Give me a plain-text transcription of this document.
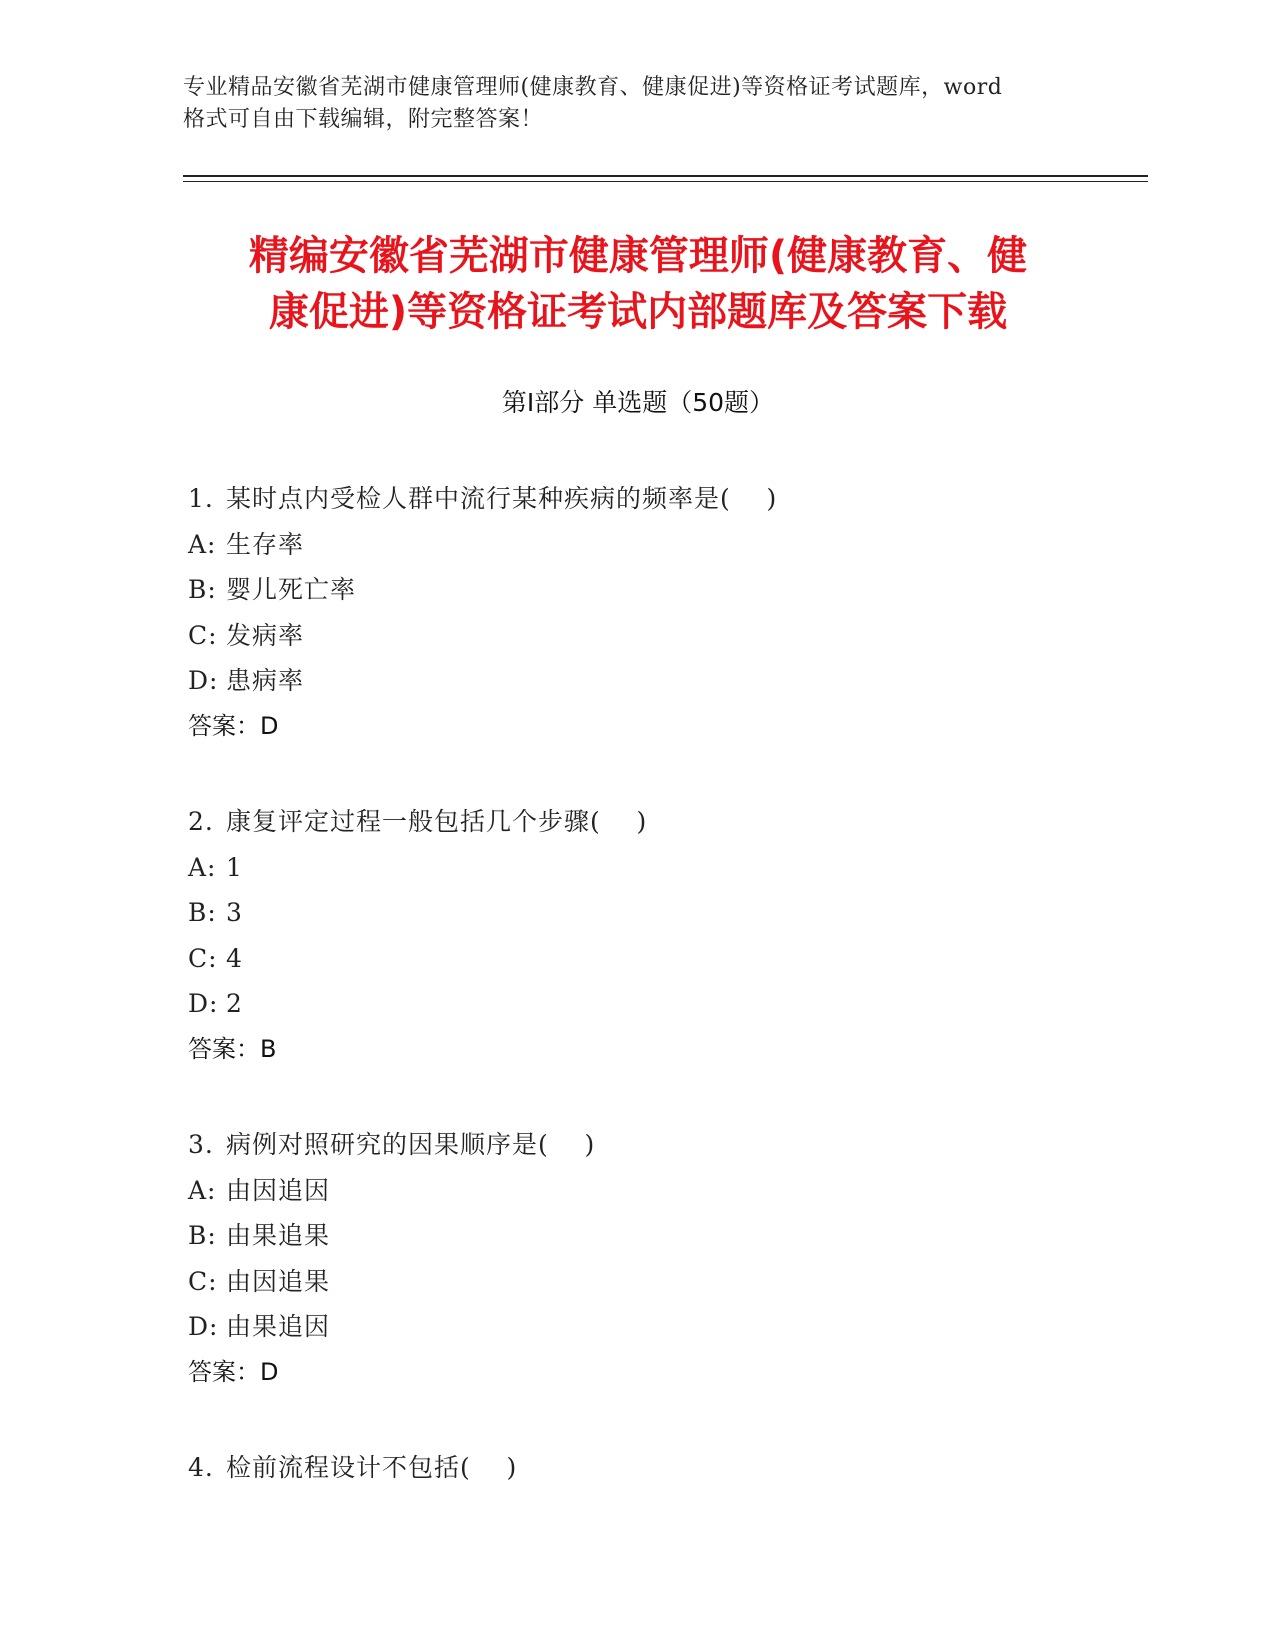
专业精品安徽省芜湖市健康管理师(健康教育、健康促进)等资格证考试题库，word
格式可自由下载编辑，附完整答案！
精编安徽省芜湖市健康管理师(健康教育、健
康促进)等资格证考试内部题库及答案下载
第Ⅰ部分 单选题（50题）
1. 某时点内受检人群中流行某种疾病的频率是(    )
A: 生存率
B: 婴儿死亡率
C: 发病率
D: 患病率
答案：D
2. 康复评定过程一般包括几个步骤(    )
A: 1
B: 3
C: 4
D: 2
答案：B
3. 病例对照研究的因果顺序是(    )
A: 由因追因
B: 由果追果
C: 由因追果
D: 由果追因
答案：D
4. 检前流程设计不包括(    )
